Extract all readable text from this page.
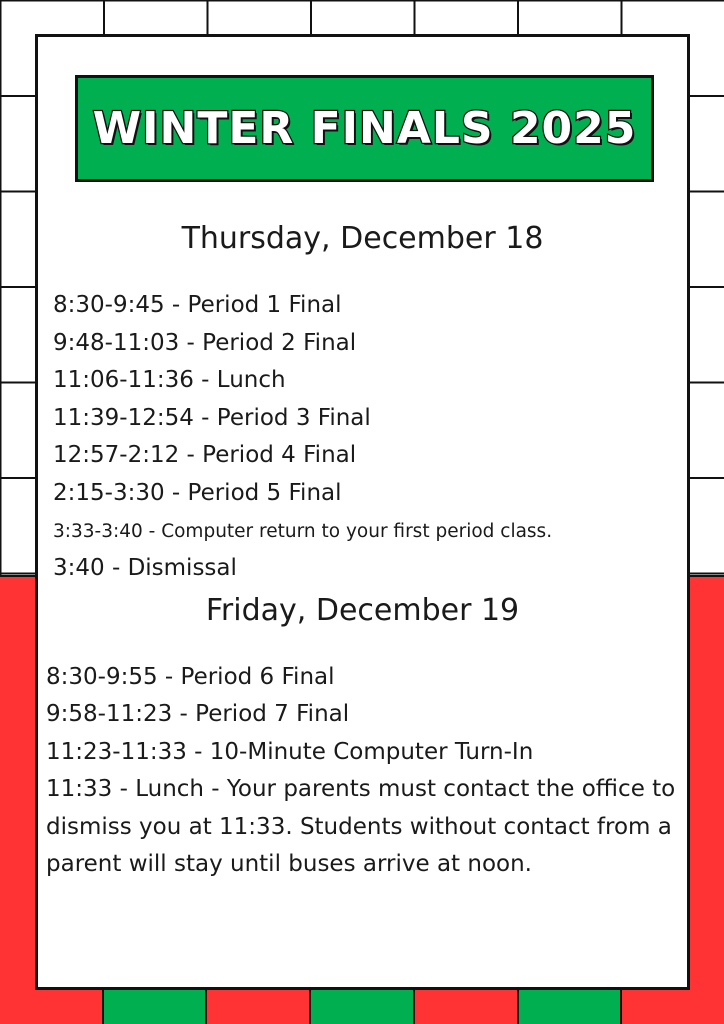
WINTER FINALS 2025
Thursday, December 18
8:30-9:45 - Period 1 Final
9:48-11:03 - Period 2 Final
11:06-11:36 - Lunch
11:39-12:54 - Period 3 Final
12:57-2:12 - Period 4 Final
2:15-3:30 - Period 5 Final
3:33-3:40 - Computer return to your first period class.
3:40 - Dismissal
Friday, December 19
8:30-9:55 - Period 6 Final
9:58-11:23 - Period 7 Final
11:23-11:33 - 10-Minute Computer Turn-In
11:33 - Lunch - Your parents must contact the office to dismiss you at 11:33. Students without contact from a parent will stay until buses arrive at noon.
